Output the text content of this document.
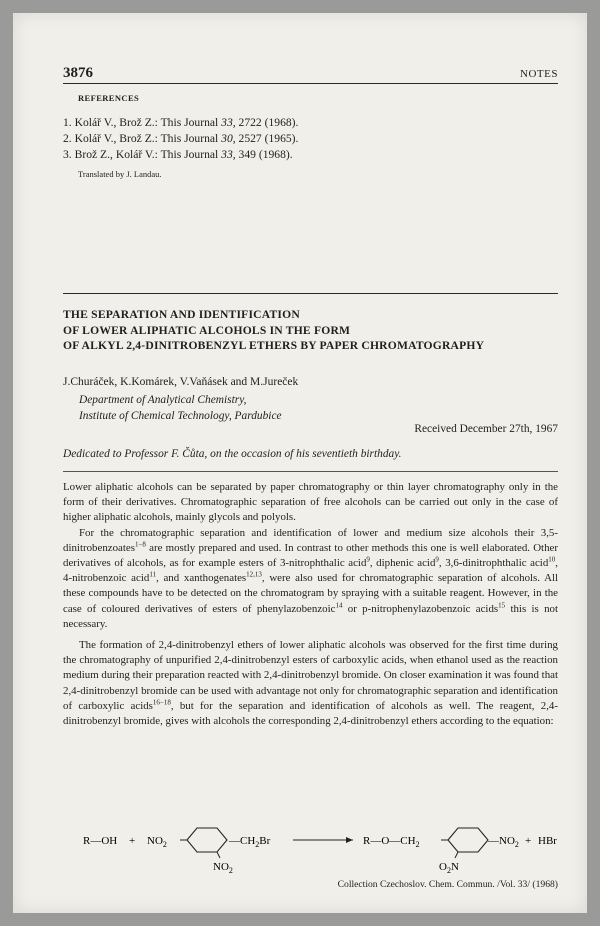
3876	NOTES
REFERENCES
1. Kolář V., Brož Z.: This Journal 33, 2722 (1968).
2. Kolář V., Brož Z.: This Journal 30, 2527 (1965).
3. Brož Z., Kolář V.: This Journal 33, 349 (1968).
Translated by J. Landau.
THE SEPARATION AND IDENTIFICATION
OF LOWER ALIPHATIC ALCOHOLS IN THE FORM
OF ALKYL 2,4-DINITROBENZYL ETHERS BY PAPER CHROMATOGRAPHY
J.Churáček, K.Komárek, V.Vaňásek and M.Jureček
Department of Analytical Chemistry,
Institute of Chemical Technology, Pardubice
Received December 27th, 1967
Dedicated to Professor F. Čůta, on the occasion of his seventieth birthday.

Lower aliphatic alcohols can be separated by paper chromatography or thin layer chromatography only in the form of their derivatives. Chromatographic separation of free alcohols can be carried out only in the case of higher aliphatic alcohols, mainly glycols and polyols.

For the chromatographic separation and identification of lower and medium size alcohols their 3,5-dinitrobenzoates$^{1-8}$ are mostly prepared and used. In contrast to other methods this one is well elaborated. Other derivatives of alcohols, as for example esters of 3-nitrophthalic acid$^9$, diphenic acid$^9$, 3,6-dinitrophthalic acid$^{10}$, 4-nitrobenzoic acid$^{11}$, and xanthogenates$^{12,13}$, were also used for chromatographic separation of alcohols. All these compounds have to be detected on the chromatogram by spraying with a suitable reagent. However, in the case of coloured derivatives of esters of phenylazobenzoic$^{14}$ or p-nitrophenylazobenzoic acids$^{15}$ this is not necessary.

The formation of 2,4-dinitrobenzyl ethers of lower aliphatic alcohols was observed for the first time during the chromatography of unpurified 2,4-dinitrobenzyl esters of carboxylic acids, when ethanol used as the reaction medium during their preparation reacted with 2,4-dinitrobenzyl bromide. On closer examination it was found that 2,4-dinitrobenzyl bromide can be used with advantage not only for chromatographic separation and identification of carboxylic acids$^{16-18}$, but for the separation and identification of alcohols as well. The reagent, 2,4-dinitrobenzyl bromide, gives with alcohols the corresponding 2,4-dinitrobenzyl ethers according to the equation:

R—OH + $NO_2$	$—CH_2Br$
$NO_2$
$R—O—CH_2$	$—NO_2$ + HBr
$O_2N$
Collection Czechoslov. Chem. Commun. /Vol. 33/ (1968)
